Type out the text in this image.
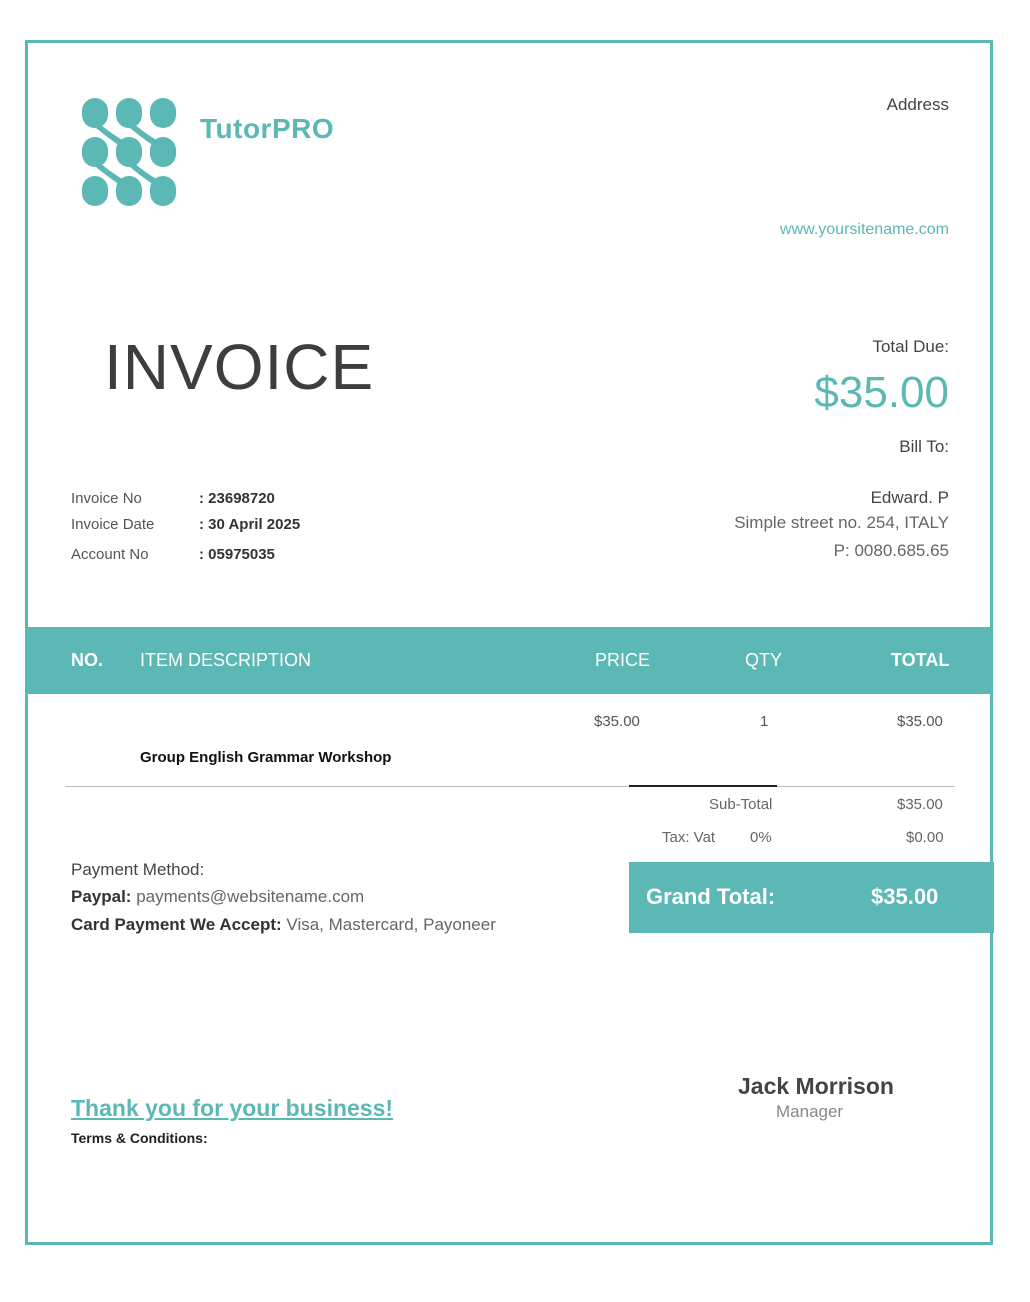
TutorPRO
Address
www.yoursitename.com
INVOICE	Total Due:
$35.00
Bill To:
Edward. P
Simple street no. 254, ITALY
P: 0080.685.65
Invoice No	: 23698720
Invoice Date	: 30 April 2025
Account No	: 05975035
NO. ITEM DESCRIPTION	PRICE	QTY	TOTAL
$35.00	1	$35.00
Group English Grammar Workshop
Sub-Total	$35.00
Tax: Vat 0%	$0.00
Grand Total:	$35.00
Payment Method:
Paypal: payments@websitename.com
Card Payment We Accept: Visa, Mastercard, Payoneer
Thank you for your business!
Terms & Conditions:
Jack Morrison
Manager
